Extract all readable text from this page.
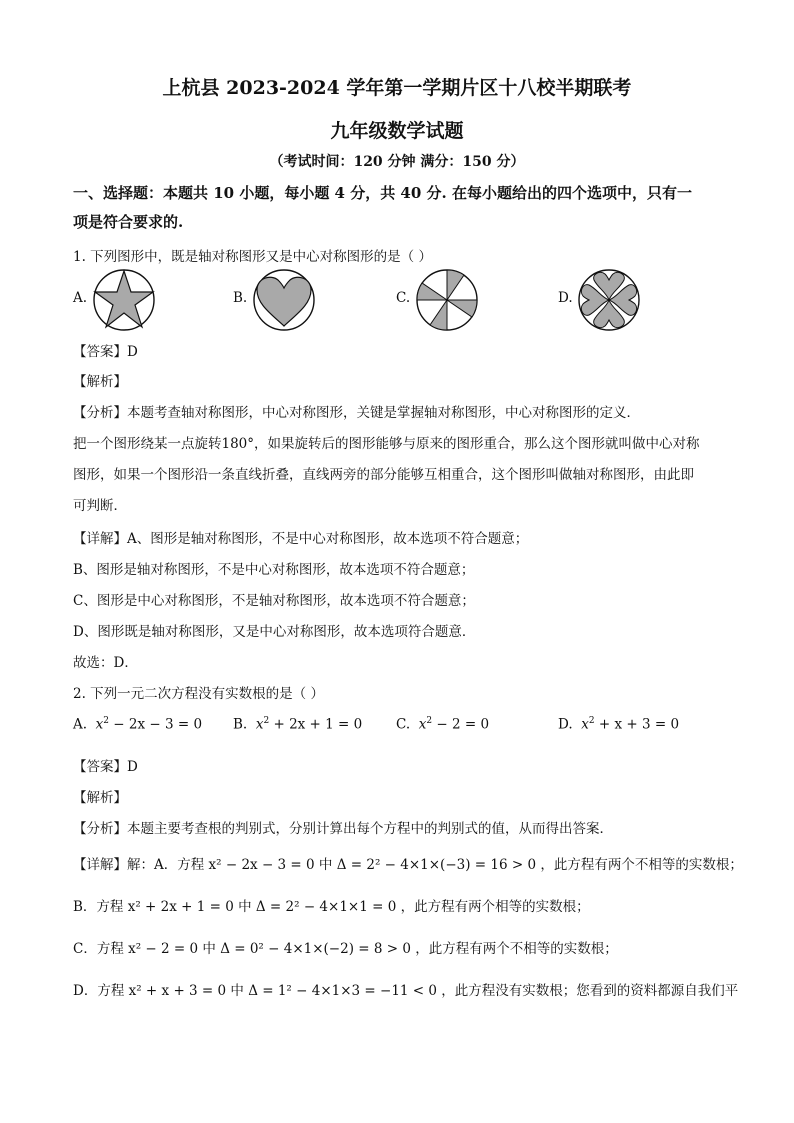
上杭县 2023-2024 学年第一学期片区十八校半期联考
九年级数学试题
（考试时间：120 分钟 满分：150 分）
一、选择题：本题共 10 小题，每小题 4 分，共 40 分. 在每小题给出的四个选项中，只有一
项是符合要求的.
1. 下列图形中，既是轴对称图形又是中心对称图形的是（ ）
A.	B.	C.	D.
【答案】D
【解析】
【分析】本题考查轴对称图形，中心对称图形，关键是掌握轴对称图形，中心对称图形的定义．
把一个图形绕某一点旋转180°，如果旋转后的图形能够与原来的图形重合，那么这个图形就叫做中心对称
图形，如果一个图形沿一条直线折叠，直线两旁的部分能够互相重合，这个图形叫做轴对称图形，由此即
可判断．
【详解】A、图形是轴对称图形，不是中心对称图形，故本选项不符合题意；
B、图形是轴对称图形，不是中心对称图形，故本选项不符合题意；
C、图形是中心对称图形，不是轴对称图形，故本选项不符合题意；
D、图形既是轴对称图形，又是中心对称图形，故本选项符合题意．
故选：D．
2. 下列一元二次方程没有实数根的是（ ）
A. $x^2 - 2x - 3 = 0$ B. $x^2 + 2x + 1 = 0$	C. $x^2 - 2 = 0$	D. $x^2 + x + 3 = 0$
【答案】D
【解析】
【分析】本题主要考查根的判别式，分别计算出每个方程中的判别式的值，从而得出答案．
【详解】解：A．方程 x² − 2x − 3 = 0 中 Δ = 2² − 4×1×(−3) = 16 > 0 ，此方程有两个不相等的实数根；
B．方程 x² + 2x + 1 = 0 中 Δ = 2² − 4×1×1 = 0 ，此方程有两个相等的实数根；
C．方程 x² − 2 = 0 中 Δ = 0² − 4×1×(−2) = 8 > 0 ，此方程有两个不相等的实数根；
D．方程 x² + x + 3 = 0 中 Δ = 1² − 4×1×3 = −11 < 0 ，此方程没有实数根；您看到的资料都源自我们平
